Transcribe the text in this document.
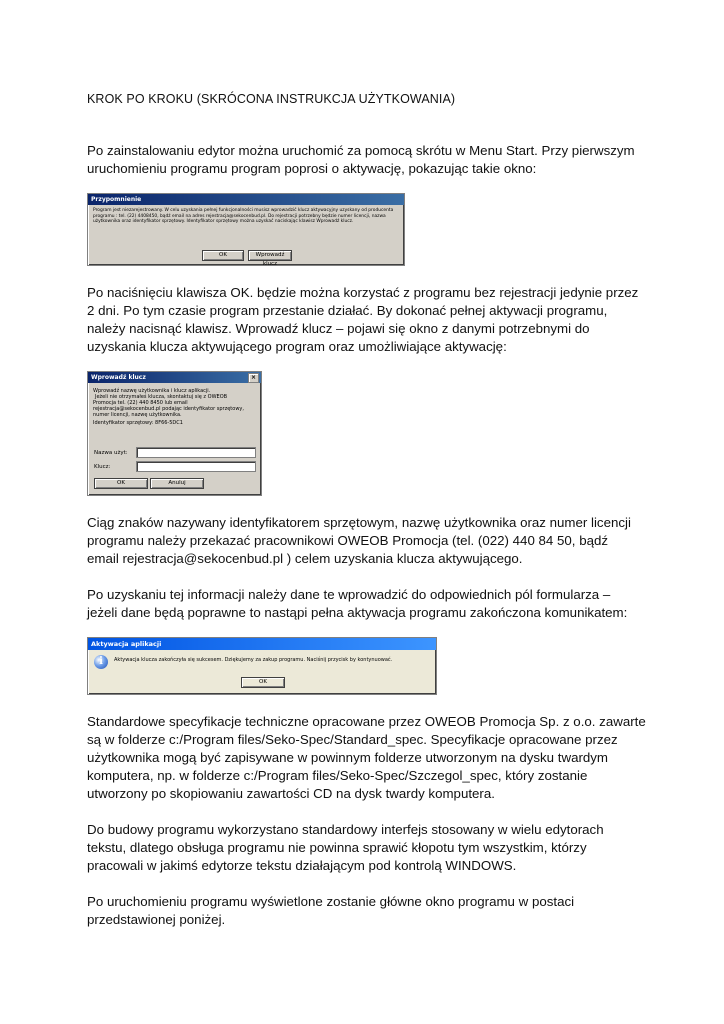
KROK PO KROKU (SKRÓCONA INSTRUKCJA UŻYTKOWANIA)

Po zainstalowaniu edytor można uruchomić za pomocą skrótu w Menu Start. Przy pierwszym

uruchomieniu programu program poprosi o aktywację, pokazując takie okno:

Przypomnienie
Program jest niezarejestrowany. W celu uzyskania pełnej funkcjonalności musisz wprowadzić klucz aktywacyjny uzyskany od producenta
programu : tel. (22) 4408450, bądź email na adres rejestracja@sekocenbud.pl. Do rejestracji potrzebny będzie numer licencji, nazwa
użytkownika oraz identyfikator sprzętowy. Identyfikator sprzętowy można uzyskać naciskając klawisz Wprowadź klucz.
OK	Wprowadź klucz

Po naciśnięciu klawisza OK. będzie można korzystać z programu bez rejestracji jedynie przez

2 dni. Po tym czasie program przestanie działać. By dokonać pełnej aktywacji programu,

należy nacisnąć klawisz. Wprowadź klucz – pojawi się okno z danymi potrzebnymi do

uzyskania klucza aktywującego program oraz umożliwiające aktywację:

Wprowadź klucz	×
Wprowadź nazwę użytkownika i klucz aplikacji.
Jeżeli nie otrzymałeś klucza, skontaktuj się z OWEOB
Promocja tel. (22) 440 8450 lub email
rejestracja@sekocenbud.pl podając identyfikator sprzętowy,
numer licencji, nazwę użytkownika.
Identyfikator sprzętowy: 8F66-5DC1
Nazwa użyt:
Klucz:
OK	Anuluj

Ciąg znaków nazywany identyfikatorem sprzętowym, nazwę użytkownika oraz numer licencji

programu należy przekazać pracownikowi OWEOB Promocja (tel. (022) 440 84 50, bądź

email rejestracja@sekocenbud.pl ) celem uzyskania klucza aktywującego.

Po uzyskaniu tej informacji należy dane te wprowadzić do odpowiednich pól formularza –

jeżeli dane będą poprawne to nastąpi pełna aktywacja programu zakończona komunikatem:

Aktywacja aplikacji
i	Aktywacja klucza zakończyła się sukcesem. Dziękujemy za zakup programu. Naciśnij przycisk by kontynuować.
OK

Standardowe specyfikacje techniczne opracowane przez OWEOB Promocja Sp. z o.o. zawarte

są w folderze c:/Program files/Seko-Spec/Standard_spec. Specyfikacje opracowane przez

użytkownika mogą być zapisywane w powinnym folderze utworzonym na dysku twardym

komputera, np. w folderze c:/Program files/Seko-Spec/Szczegol_spec, który zostanie

utworzony po skopiowaniu zawartości CD na dysk twardy komputera.

Do budowy programu wykorzystano standardowy interfejs stosowany w wielu edytorach

tekstu, dlatego obsługa programu nie powinna sprawić kłopotu tym wszystkim, którzy

pracowali w jakimś edytorze tekstu działającym pod kontrolą WINDOWS.

Po uruchomieniu programu wyświetlone zostanie główne okno programu w postaci

przedstawionej poniżej.
